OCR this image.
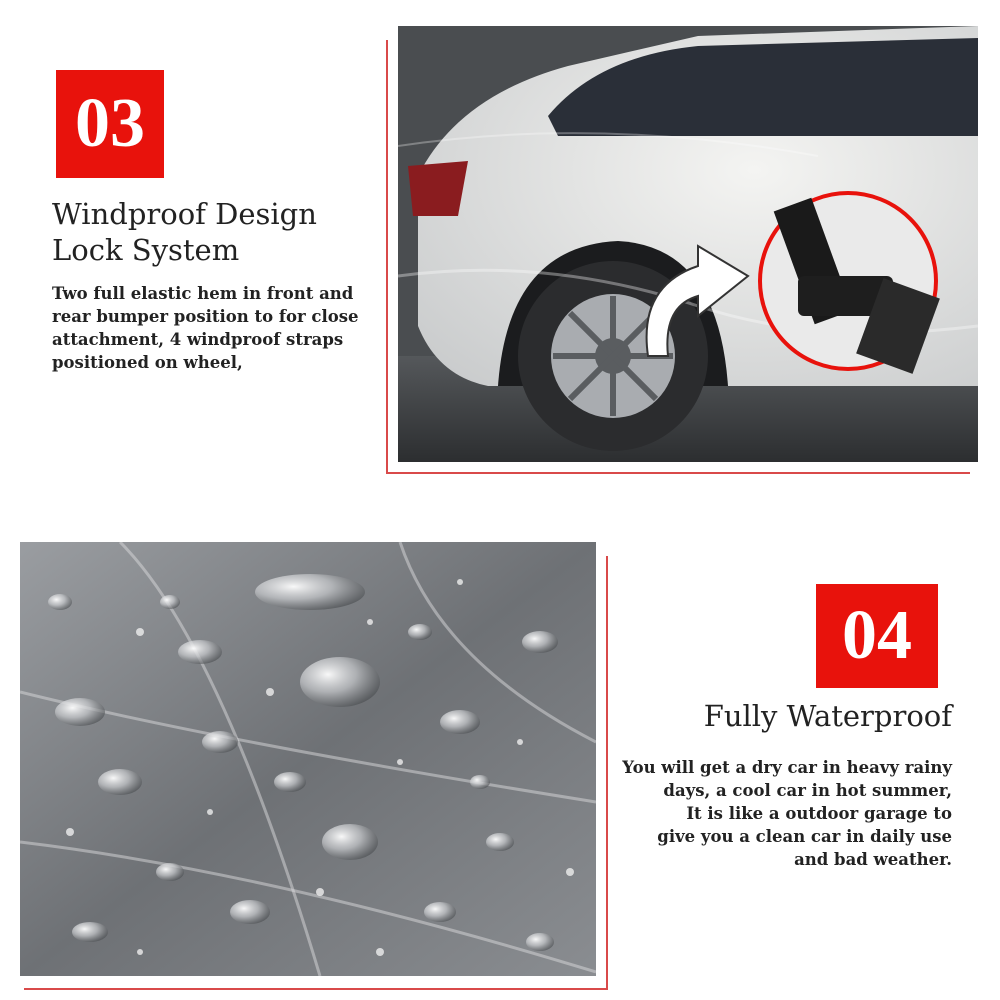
03
Windproof Design
Lock System
Two full elastic hem in front and
rear bumper position to for close
attachment, 4 windproof straps
positioned on wheel,
04
Fully Waterproof
You will get a dry car in heavy rainy
days, a cool car in hot summer,
It is like a outdoor garage to
give you a clean car in daily use
and bad weather.
